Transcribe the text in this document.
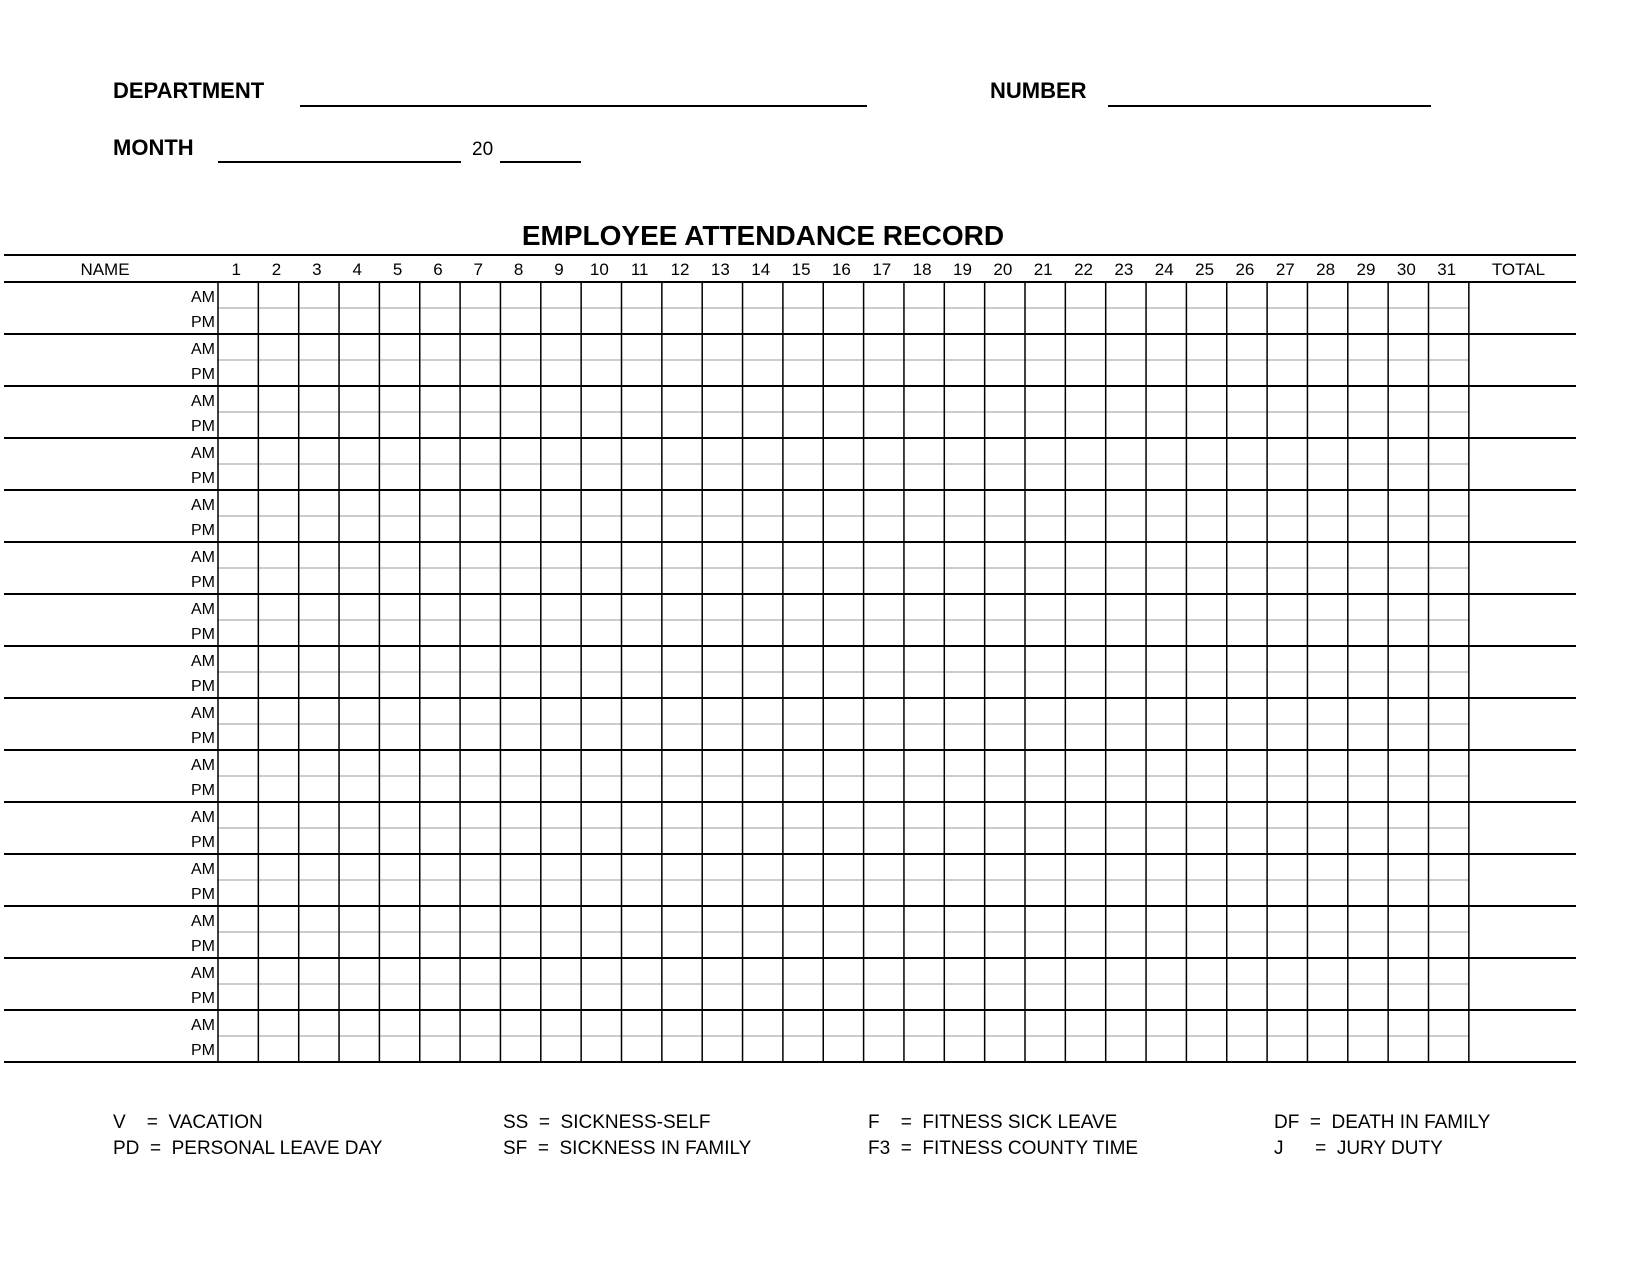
DEPARTMENT	NUMBER
MONTH	20
EMPLOYEE ATTENDANCE RECORD
NAME	1 2 3 4 5 6 7 8 9 10 11 12 13 14 15 16 17 18 19 20 21 22 23 24 25 26 27 28 29 30 31 TOTAL
AM
PM
AM
PM
AM
PM
AM
PM
AM
PM
AM
PM
AM
PM
AM
PM
AM
PM
AM
PM
AM
PM
AM
PM
AM
PM
AM
PM
AM
PM
V    =  VACATION
PD  =  PERSONAL LEAVE DAY
SS  =  SICKNESS-SELF
SF  =  SICKNESS IN FAMILY
F    =  FITNESS SICK LEAVE
F3  =  FITNESS COUNTY TIME
DF  =  DEATH IN FAMILY
J      =  JURY DUTY
